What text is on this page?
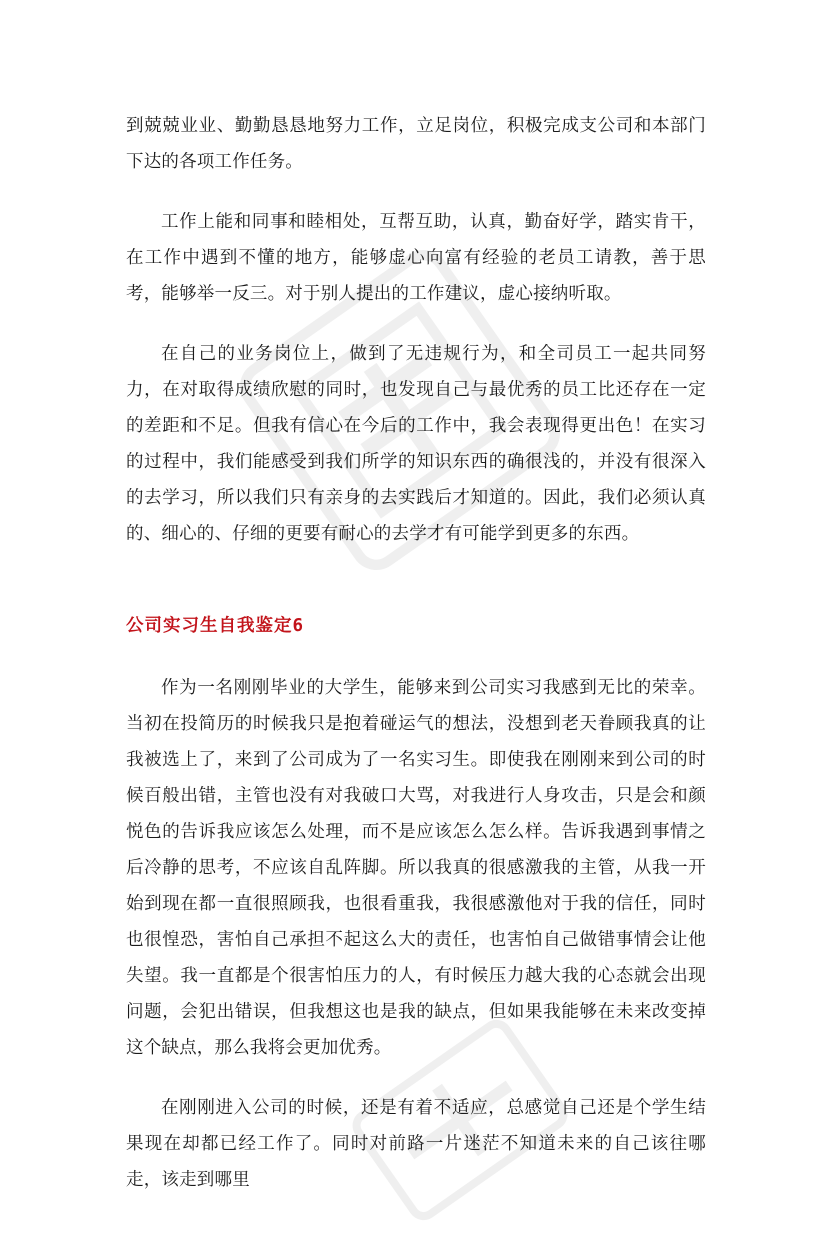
到兢兢业业、勤勤恳恳地努力工作，立足岗位，积极完成支公司和本部门下达的各项工作任务。

工作上能和同事和睦相处，互帮互助，认真，勤奋好学，踏实肯干，在工作中遇到不懂的地方，能够虚心向富有经验的老员工请教，善于思考，能够举一反三。对于别人提出的工作建议，虚心接纳听取。

在自己的业务岗位上，做到了无违规行为，和全司员工一起共同努力，在对取得成绩欣慰的同时，也发现自己与最优秀的员工比还存在一定的差距和不足。但我有信心在今后的工作中，我会表现得更出色！在实习的过程中，我们能感受到我们所学的知识东西的确很浅的，并没有很深入的去学习，所以我们只有亲身的去实践后才知道的。因此，我们必须认真的、细心的、仔细的更要有耐心的去学才有可能学到更多的东西。

公司实习生自我鉴定6

作为一名刚刚毕业的大学生，能够来到公司实习我感到无比的荣幸。当初在投简历的时候我只是抱着碰运气的想法，没想到老天眷顾我真的让我被选上了，来到了公司成为了一名实习生。即使我在刚刚来到公司的时候百般出错，主管也没有对我破口大骂，对我进行人身攻击，只是会和颜悦色的告诉我应该怎么处理，而不是应该怎么怎么样。告诉我遇到事情之后冷静的思考，不应该自乱阵脚。所以我真的很感激我的主管，从我一开始到现在都一直很照顾我，也很看重我，我很感激他对于我的信任，同时也很惶恐，害怕自己承担不起这么大的责任，也害怕自己做错事情会让他失望。我一直都是个很害怕压力的人，有时候压力越大我的心态就会出现问题，会犯出错误，但我想这也是我的缺点，但如果我能够在未来改变掉这个缺点，那么我将会更加优秀。

在刚刚进入公司的时候，还是有着不适应，总感觉自己还是个学生结果现在却都已经工作了。同时对前路一片迷茫不知道未来的自己该往哪走，该走到哪里
